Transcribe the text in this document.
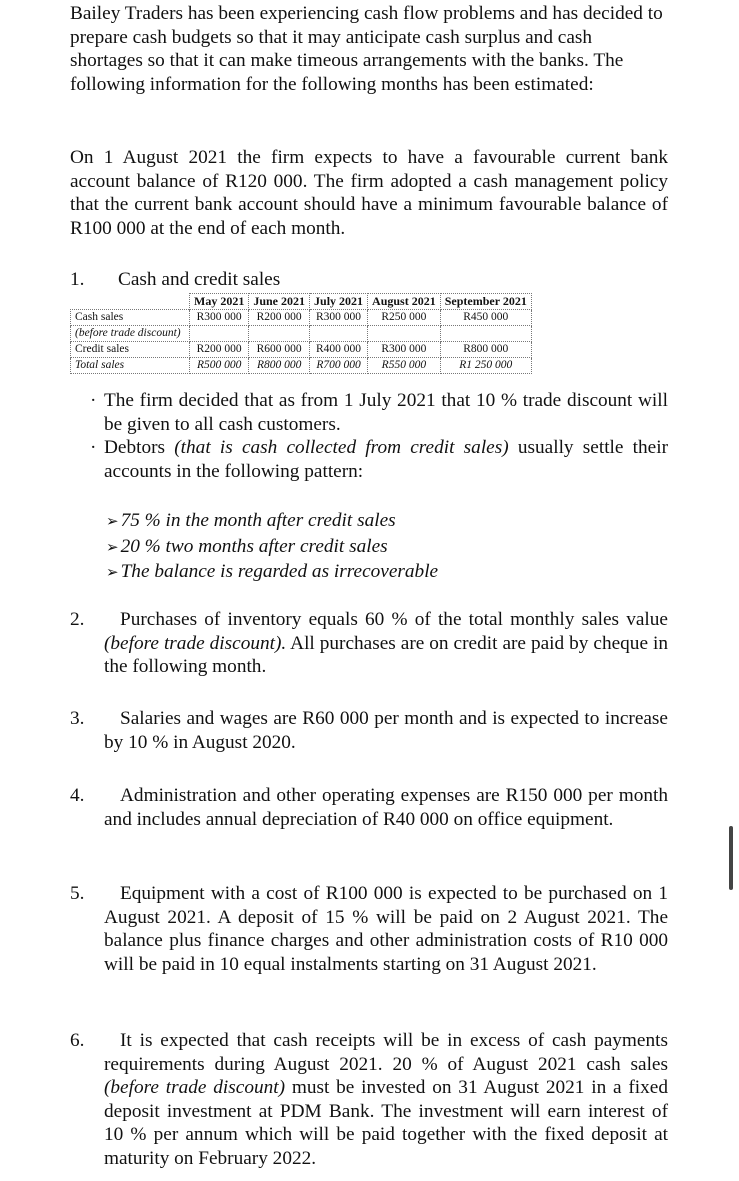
Bailey Traders has been experiencing cash flow problems and has decided to prepare cash budgets so that it may anticipate cash surplus and cash shortages so that it can make timeous arrangements with the banks. The following information for the following months has been estimated:

On 1 August 2021 the firm expects to have a favourable current bank account balance of R120 000. The firm adopted a cash management policy that the current bank account should have a minimum favourable balance of R100 000 at the end of each month.

1. Cash and credit sales
	May 2021	June 2021	July 2021	August 2021	September 2021
Cash sales	R300 000	R200 000	R300 000	R250 000	R450 000
(before trade discount)					
Credit sales	R200 000	R600 000	R400 000	R300 000	R800 000
Total sales	R500 000	R800 000	R700 000	R550 000	R1 250 000

· The firm decided that as from 1 July 2021 that 10 % trade discount will be given to all cash customers.

· Debtors (that is cash collected from credit sales) usually settle their accounts in the following pattern:

➢ 75 % in the month after credit sales

➢ 20 % two months after credit sales

➢ The balance is regarded as irrecoverable

2.	Purchases of inventory equals 60 % of the total monthly sales value (before trade discount). All purchases are on credit are paid by cheque in the following month.

3.	Salaries and wages are R60 000 per month and is expected to increase by 10 % in August 2020.

4.	Administration and other operating expenses are R150 000 per month and includes annual depreciation of R40 000 on office equipment.

5.	Equipment with a cost of R100 000 is expected to be purchased on 1 August 2021. A deposit of 15 % will be paid on 2 August 2021. The balance plus finance charges and other administration costs of R10 000 will be paid in 10 equal instalments starting on 31 August 2021.

6.	It is expected that cash receipts will be in excess of cash payments requirements during August 2021. 20 % of August 2021 cash sales (before trade discount) must be invested on 31 August 2021 in a fixed deposit investment at PDM Bank. The investment will earn interest of 10 % per annum which will be paid together with the fixed deposit at maturity on February 2022.
